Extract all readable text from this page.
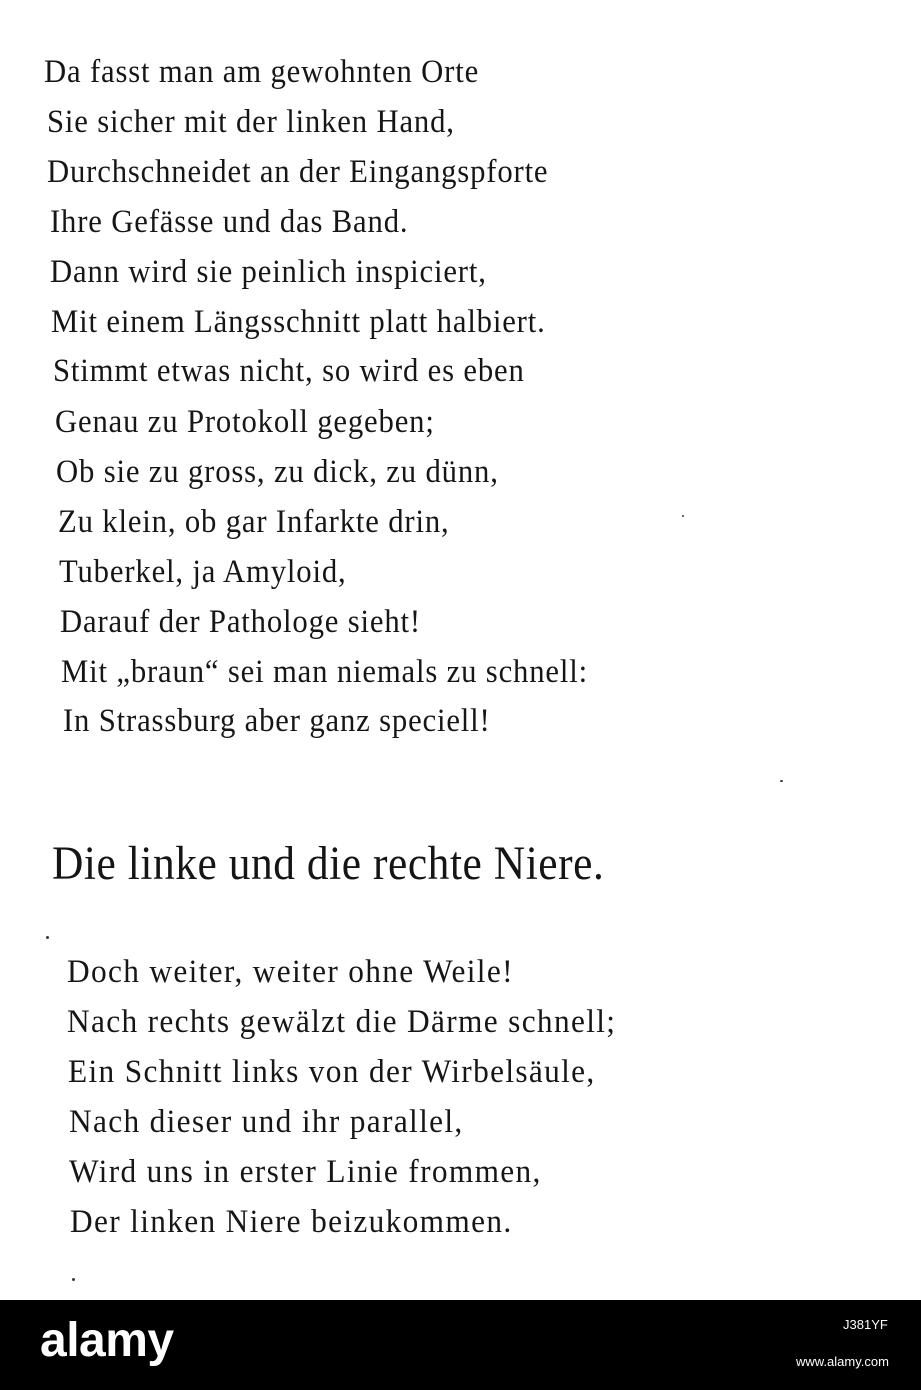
Da fasst man am gewohnten Orte

Sie sicher mit der linken Hand,

Durchschneidet an der Eingangspforte

Ihre Gefässe und das Band.

Dann wird sie peinlich inspiciert,

Mit einem Längsschnitt platt halbiert.

Stimmt etwas nicht, so wird es eben

Genau zu Protokoll gegeben;

Ob sie zu gross, zu dick, zu dünn,

Zu klein, ob gar Infarkte drin,

Tuberkel, ja Amyloid,

Darauf der Pathologe sieht!

Mit „braun“ sei man niemals zu schnell:

In Strassburg aber ganz speciell!

Die linke und die rechte Niere.

Doch weiter, weiter ohne Weile!

Nach rechts gewälzt die Därme schnell;

Ein Schnitt links von der Wirbelsäule,

Nach dieser und ihr parallel,

Wird uns in erster Linie frommen,

Der linken Niere beizukommen.

alamy	J381YF

www.alamy.com
